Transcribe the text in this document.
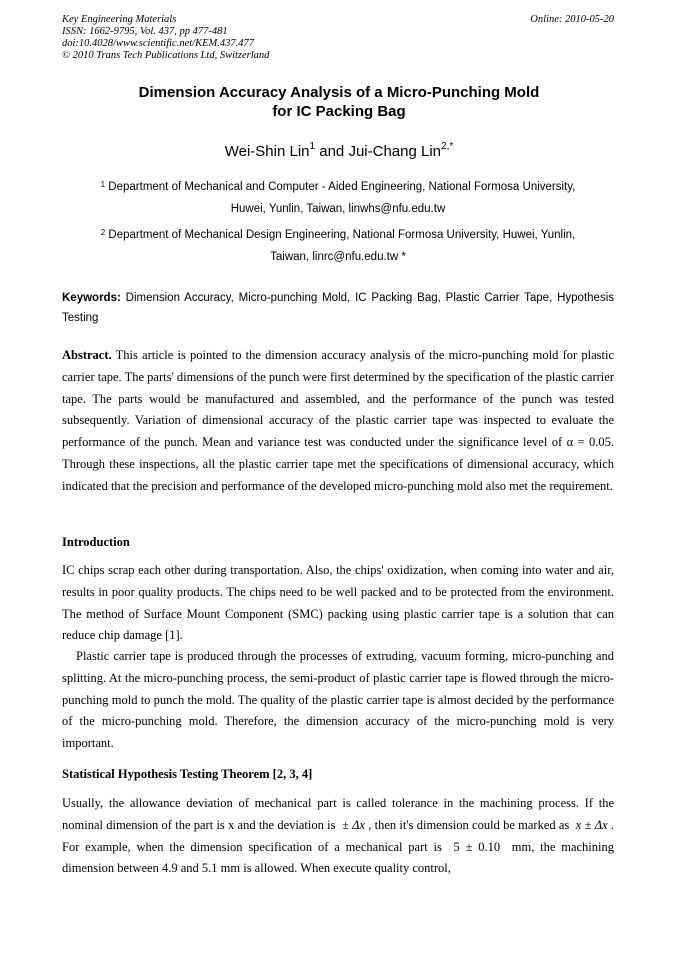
Key Engineering Materials
ISSN: 1662-9795, Vol. 437, pp 477-481
doi:10.4028/www.scientific.net/KEM.437.477
© 2010 Trans Tech Publications Ltd, Switzerland
Online: 2010-05-20
Dimension Accuracy Analysis of a Micro-Punching Mold
for IC Packing Bag
Wei-Shin Lin$^1$ and Jui-Chang Lin$^{2,*}$
$^1$ Department of Mechanical and Computer - Aided Engineering, National Formosa University,
Huwei, Yunlin, Taiwan, linwhs@nfu.edu.tw
$^2$ Department of Mechanical Design Engineering, National Formosa University, Huwei, Yunlin,
Taiwan, linrc@nfu.edu.tw *
Keywords: Dimension Accuracy, Micro-punching Mold, IC Packing Bag, Plastic Carrier Tape, Hypothesis Testing
Abstract. This article is pointed to the dimension accuracy analysis of the micro-punching mold for plastic carrier tape. The parts' dimensions of the punch were first determined by the specification of the plastic carrier tape. The parts would be manufactured and assembled, and the performance of the punch was tested subsequently. Variation of dimensional accuracy of the plastic carrier tape was inspected to evaluate the performance of the punch. Mean and variance test was conducted under the significance level of α = 0.05. Through these inspections, all the plastic carrier tape met the specifications of dimensional accuracy, which indicated that the precision and performance of the developed micro-punching mold also met the requirement.
Introduction
IC chips scrap each other during transportation. Also, the chips' oxidization, when coming into water and air, results in poor quality products. The chips need to be well packed and to be protected from the environment. The method of Surface Mount Component (SMC) packing using plastic carrier tape is a solution that can reduce chip damage [1].
Plastic carrier tape is produced through the processes of extruding, vacuum forming, micro-punching and splitting. At the micro-punching process, the semi-product of plastic carrier tape is flowed through the micro-punching mold to punch the mold. The quality of the plastic carrier tape is almost decided by the performance of the micro-punching mold. Therefore, the dimension accuracy of the micro-punching mold is very important.
Statistical Hypothesis Testing Theorem [2, 3, 4]
Usually, the allowance deviation of mechanical part is called tolerance in the machining process. If the nominal dimension of the part is x and the deviation is  ± Δx , then it's dimension could be marked as  x ± Δx . For example, when the dimension specification of a mechanical part is  5 ± 0.10  mm, the machining dimension between 4.9 and 5.1 mm is allowed. When execute quality control,
